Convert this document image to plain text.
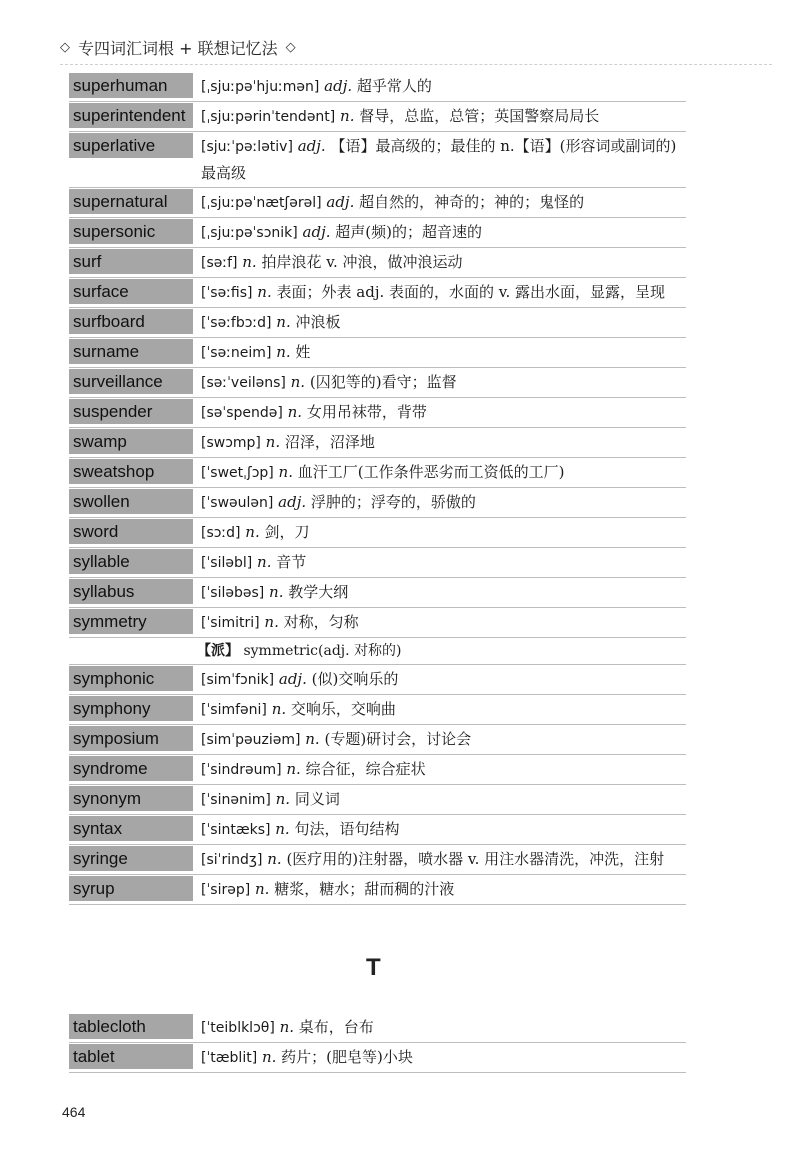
◇ 专四词汇词根 + 联想记忆法 ◇
superhuman	[ˌsjuːpəˈhjuːmən] adj. 超乎常人的
superintendent	[ˌsjuːpərinˈtendənt] n. 督导，总监，总管；英国警察局局长
superlative	[sjuːˈpəːlətiv] adj. 【语】最高级的；最佳的 n.【语】(形容词或副词的)最高级
supernatural	[ˌsjuːpəˈnætʃərəl] adj. 超自然的，神奇的；神的；鬼怪的
supersonic	[ˌsjuːpəˈsɔnik] adj. 超声(频)的；超音速的
surf	[səːf] n. 拍岸浪花 v. 冲浪，做冲浪运动
surface	[ˈsəːfis] n. 表面；外表 adj. 表面的，水面的 v. 露出水面，显露，呈现
surfboard	[ˈsəːfbɔːd] n. 冲浪板
surname	[ˈsəːneim] n. 姓
surveillance	[səːˈveiləns] n. (囚犯等的)看守；监督
suspender	[səˈspendə] n. 女用吊袜带，背带
swamp	[swɔmp] n. 沼泽，沼泽地
sweatshop	[ˈswetˌʃɔp] n. 血汗工厂(工作条件恶劣而工资低的工厂)
swollen	[ˈswəulən] adj. 浮肿的；浮夸的，骄傲的
sword	[sɔːd] n. 剑，刀
syllable	[ˈsiləbl] n. 音节
syllabus	[ˈsiləbəs] n. 教学大纲
symmetry	[ˈsimitri] n. 对称，匀称
【派】 symmetric(adj. 对称的)
symphonic	[simˈfɔnik] adj. (似)交响乐的
symphony	[ˈsimfəni] n. 交响乐，交响曲
symposium	[simˈpəuziəm] n. (专题)研讨会，讨论会
syndrome	[ˈsindrəum] n. 综合征，综合症状
synonym	[ˈsinənim] n. 同义词
syntax	[ˈsintæks] n. 句法，语句结构
syringe	[siˈrindʒ] n. (医疗用的)注射器，喷水器 v. 用注水器清洗，冲洗，注射
syrup	[ˈsirəp] n. 糖浆，糖水；甜而稠的汁液
T
tablecloth	[ˈteiblklɔθ] n. 桌布，台布
tablet	[ˈtæblit] n. 药片；(肥皂等)小块
464
